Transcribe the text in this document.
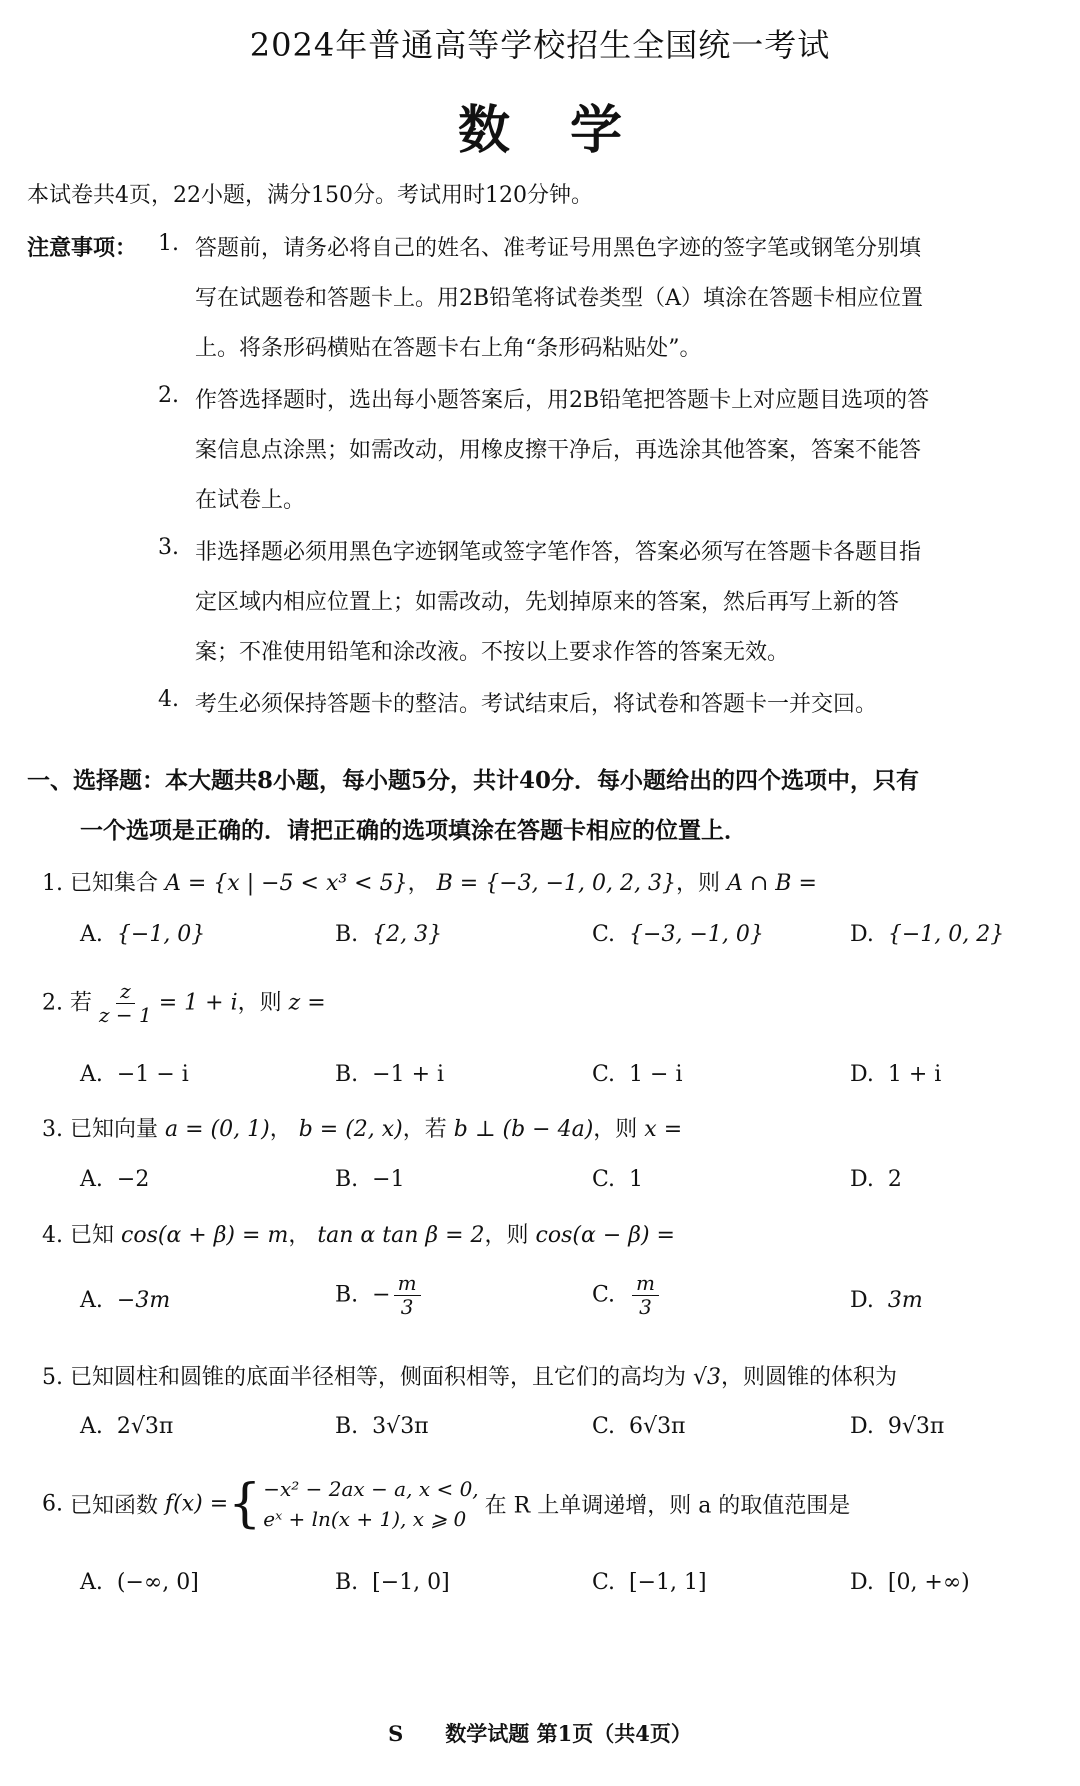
2024年普通高等学校招生全国统一考试
数学
本试卷共4页，22小题，满分150分。考试用时120分钟。
注意事项： 1. 答题前，请务必将自己的姓名、准考证号用黑色字迹的签字笔或钢笔分别填
写在试题卷和答题卡上。用2B铅笔将试卷类型（A）填涂在答题卡相应位置
上。将条形码横贴在答题卡右上角“条形码粘贴处”。
2. 作答选择题时，选出每小题答案后，用2B铅笔把答题卡上对应题目选项的答
案信息点涂黑；如需改动，用橡皮擦干净后，再选涂其他答案，答案不能答
在试卷上。
3. 非选择题必须用黑色字迹钢笔或签字笔作答，答案必须写在答题卡各题目指
定区域内相应位置上；如需改动，先划掉原来的答案，然后再写上新的答
案；不准使用铅笔和涂改液。不按以上要求作答的答案无效。
4. 考生必须保持答题卡的整洁。考试结束后，将试卷和答题卡一并交回。
一、选择题：本大题共8小题，每小题5分，共计40分．每小题给出的四个选项中，只有
一个选项是正确的．请把正确的选项填涂在答题卡相应的位置上．
1. 已知集合 A = {x | −5 < x³ < 5}， B = {−3, −1, 0, 2, 3}，则 A ∩ B =
A. {−1, 0}	B. {2, 3}	C. {−3, −1, 0}	D. {−1, 0, 2}
2. 若 $\frac{z}{z - 1} = 1 + i$，则 z =
A. −1 − i	B. −1 + i	C. 1 − i	D. 1 + i
3. 已知向量 a = (0, 1)， b = (2, x)，若 b ⊥ (b − 4a)，则 x =
A. −2	B. −1	C. 1	D. 2
4. 已知 cos(α + β) = m， tan α tan β = 2，则 cos(α − β) =
A. −3m	B. − $\frac{m}{3}$	C. $\frac{m}{3}$	D. 3m
5. 已知圆柱和圆锥的底面半径相等，侧面积相等，且它们的高均为 √3，则圆锥的体积为
A. 2√3π	B. 3√3π	C. 6√3π	D. 9√3π
6. 已知函数 f(x) ={ −x² − 2ax − a, x < 0,
eˣ + ln(x + 1), x ⩾ 0
在 R 上单调递增，则 a 的取值范围是
A. (−∞, 0]	B. [−1, 0]	C. [−1, 1]	D. [0, +∞)
S　　数学试题 第1页（共4页）
